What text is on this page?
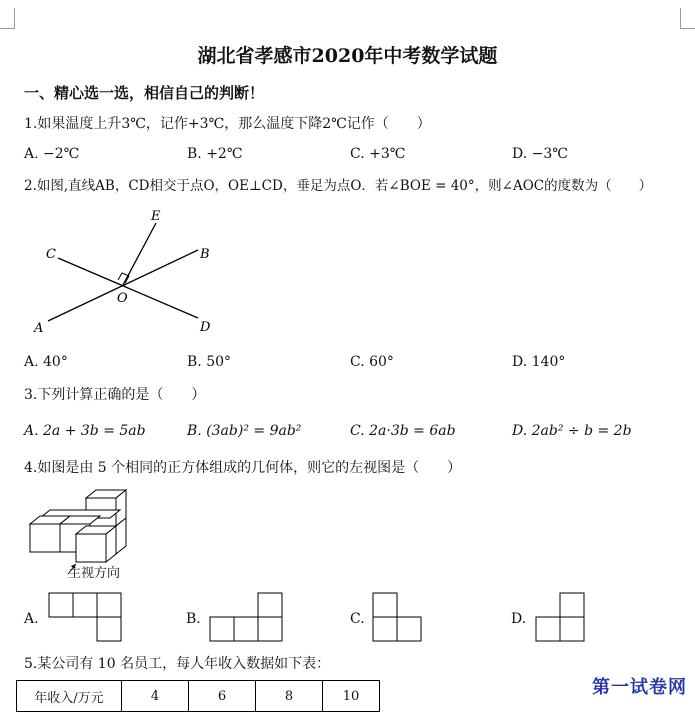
湖北省孝感市2020年中考数学试题
一、精心选一选，相信自己的判断！
1.如果温度上升3℃，记作+3℃，那么温度下降2℃记作（　　）
A. −2℃	B. +2℃	C. +3℃	D. −3℃
2.如图,直线AB，CD相交于点O，OE⊥CD，垂足为点O．若∠BOE = 40°，则∠AOC的度数为（　　）
E
C	B
O
A	D
A. 40°	B. 50°	C. 60°	D. 140°
3.下列计算正确的是（　　）
A. 2a + 3b = 5ab	B. (3ab)² = 9ab²	C. 2a·3b = 6ab	D. 2ab² ÷ b = 2b
4.如图是由 5 个相同的正方体组成的几何体，则它的左视图是（　　）
主视方向
A.	B.	C.	D.
5.某公司有 10 名员工，每人年收入数据如下表：
年收入/万元	4	6	8	10	第一试卷网
